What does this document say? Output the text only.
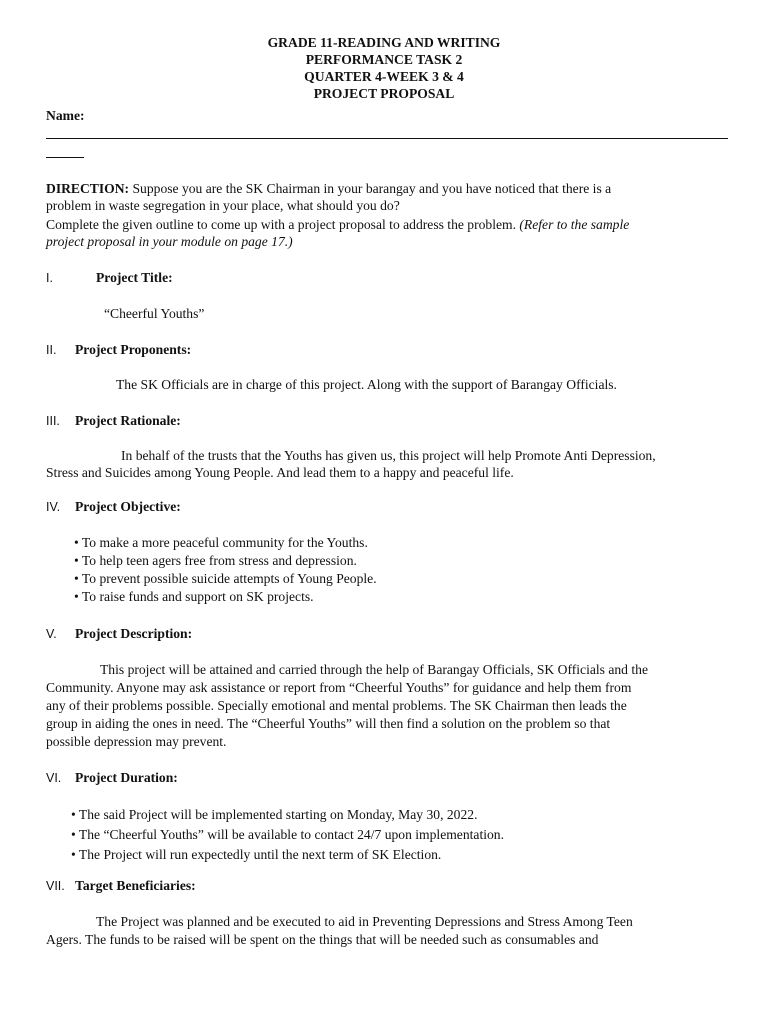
GRADE 11-READING AND WRITING
PERFORMANCE TASK 2
QUARTER 4-WEEK 3 & 4
PROJECT PROPOSAL
Name:
DIRECTION: Suppose you are the SK Chairman in your barangay and you have noticed that there is a
problem in waste segregation in your place, what should you do?
Complete the given outline to come up with a project proposal to address the problem. (Refer to the sample
project proposal in your module on page 17.)
I.	Project Title:
“Cheerful Youths”
II. Project Proponents:
The SK Officials are in charge of this project. Along with the support of Barangay Officials.
III. Project Rationale:
In behalf of the trusts that the Youths has given us, this project will help Promote Anti Depression,
Stress and Suicides among Young People. And lead them to a happy and peaceful life.
IV. Project Objective:
• To make a more peaceful community for the Youths.
• To help teen agers free from stress and depression.
• To prevent possible suicide attempts of Young People.
• To raise funds and support on SK projects.
V. Project Description:
This project will be attained and carried through the help of Barangay Officials, SK Officials and the
Community. Anyone may ask assistance or report from “Cheerful Youths” for guidance and help them from
any of their problems possible. Specially emotional and mental problems. The SK Chairman then leads the
group in aiding the ones in need. The “Cheerful Youths” will then find a solution on the problem so that
possible depression may prevent.
VI. Project Duration:
• The said Project will be implemented starting on Monday, May 30, 2022.
• The “Cheerful Youths” will be available to contact 24/7 upon implementation.
• The Project will run expectedly until the next term of SK Election.
VII. Target Beneficiaries:
The Project was planned and be executed to aid in Preventing Depressions and Stress Among Teen
Agers. The funds to be raised will be spent on the things that will be needed such as consumables and
